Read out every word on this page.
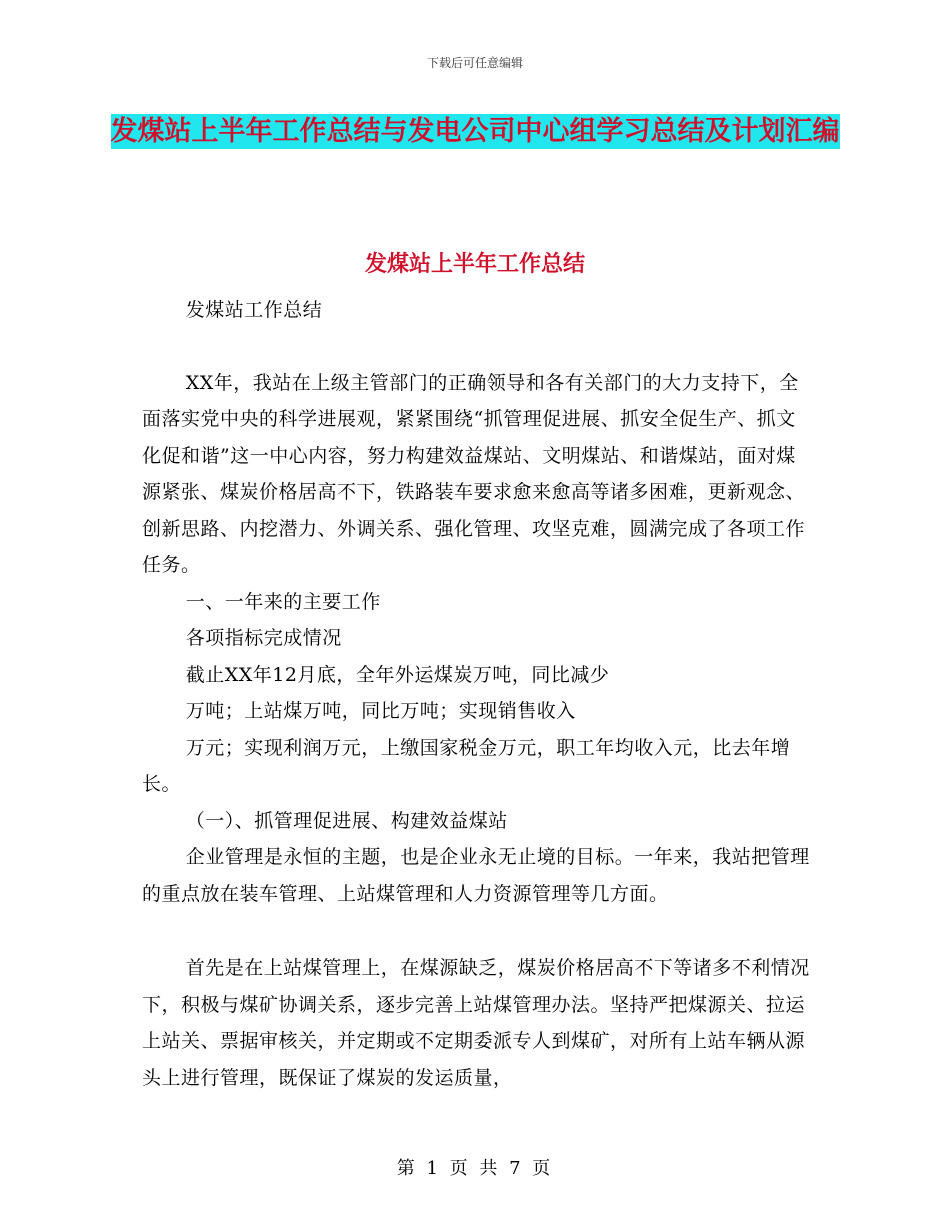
下载后可任意编辑
发煤站上半年工作总结与发电公司中心组学习总结及计划汇编
发煤站上半年工作总结

发煤站工作总结

XX年，我站在上级主管部门的正确领导和各有关部门的大力支持下，全面落实党中央的科学进展观，紧紧围绕“抓管理促进展、抓安全促生产、抓文化促和谐”这一中心内容，努力构建效益煤站、文明煤站、和谐煤站，面对煤源紧张、煤炭价格居高不下，铁路装车要求愈来愈高等诸多困难，更新观念、创新思路、内挖潜力、外调关系、强化管理、攻坚克难，圆满完成了各项工作任务。

一、一年来的主要工作

各项指标完成情况

截止XX年12月底，全年外运煤炭万吨，同比减少

万吨；上站煤万吨，同比万吨；实现销售收入

万元；实现利润万元，上缴国家税金万元，职工年均收入元，比去年增长。

（一）、抓管理促进展、构建效益煤站

企业管理是永恒的主题，也是企业永无止境的目标。一年来，我站把管理的重点放在装车管理、上站煤管理和人力资源管理等几方面。

首先是在上站煤管理上，在煤源缺乏，煤炭价格居高不下等诸多不利情况下，积极与煤矿协调关系，逐步完善上站煤管理办法。坚持严把煤源关、拉运上站关、票据审核关，并定期或不定期委派专人到煤矿，对所有上站车辆从源头上进行管理，既保证了煤炭的发运质量，

第 1 页 共 7 页
